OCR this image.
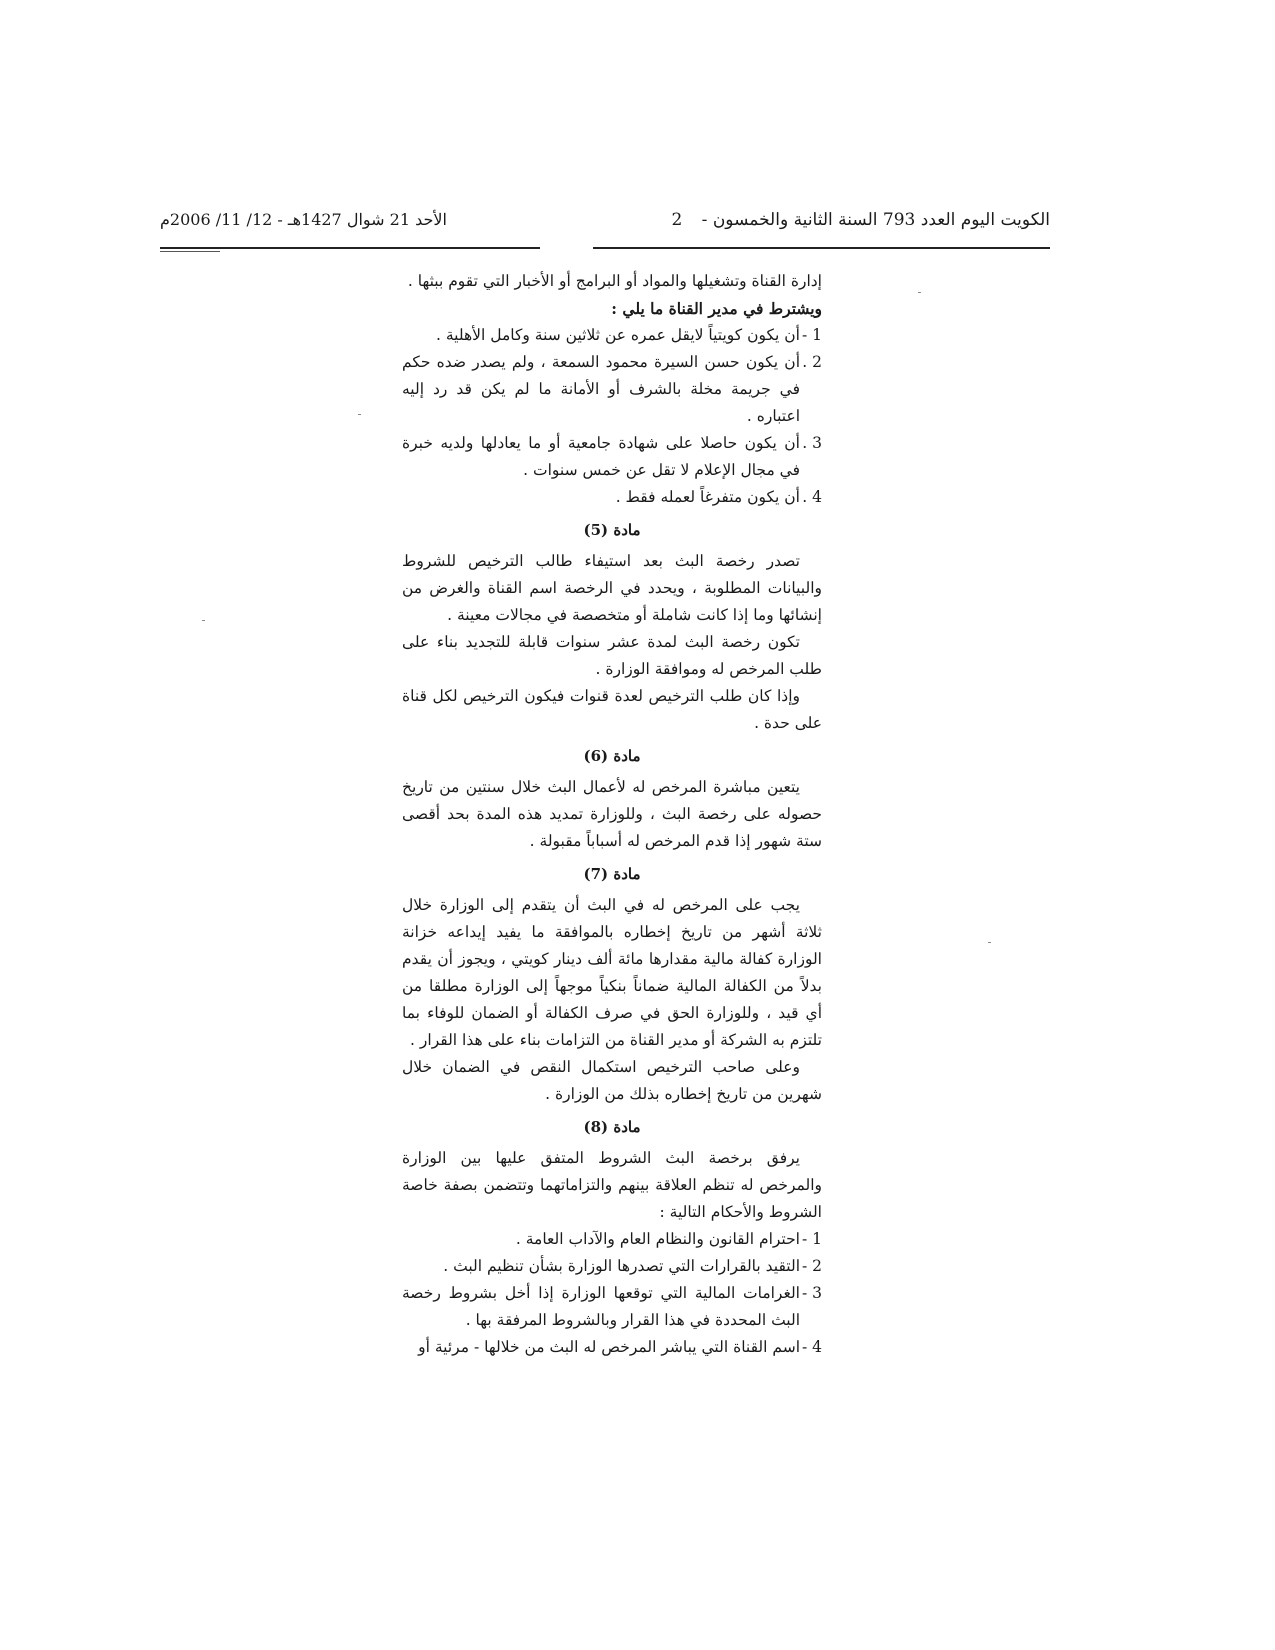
الكويت اليوم العدد 793 السنة الثانية والخمسون - 2
الأحد 21 شوال 1427هـ - 12/ 11/ 2006م

إدارة القناة وتشغيلها والمواد أو البرامج أو الأخبار التي تقوم ببثها .

ويشترط في مدير القناة ما يلي :

1 -أن يكون كويتياً لايقل عمره عن ثلاثين سنة وكامل الأهلية .

2 .أن يكون حسن السيرة محمود السمعة ، ولم يصدر ضده حكم في جريمة مخلة بالشرف أو الأمانة ما لم يكن قد رد إليه اعتباره .

3 .أن يكون حاصلا على شهادة جامعية أو ما يعادلها ولديه خبرة في مجال الإعلام لا تقل عن خمس سنوات .

4 .أن يكون متفرغاً لعمله فقط .

مادة (5)

تصدر رخصة البث بعد استيفاء طالب الترخيص للشروط والبيانات المطلوبة ، ويحدد في الرخصة اسم القناة والغرض من إنشائها وما إذا كانت شاملة أو متخصصة في مجالات معينة .

تكون رخصة البث لمدة عشر سنوات قابلة للتجديد بناء على طلب المرخص له وموافقة الوزارة .

وإذا كان طلب الترخيص لعدة قنوات فيكون الترخيص لكل قناة على حدة .

مادة (6)

يتعين مباشرة المرخص له لأعمال البث خلال سنتين من تاريخ حصوله على رخصة البث ، وللوزارة تمديد هذه المدة بحد أقصى ستة شهور إذا قدم المرخص له أسباباً مقبولة .

مادة (7)

يجب على المرخص له في البث أن يتقدم إلى الوزارة خلال ثلاثة أشهر من تاريخ إخطاره بالموافقة ما يفيد إيداعه خزانة الوزارة كفالة مالية مقدارها مائة ألف دينار كويتي ، ويجوز أن يقدم بدلاً من الكفالة المالية ضماناً بنكياً موجهاً إلى الوزارة مطلقا من أي قيد ، وللوزارة الحق في صرف الكفالة أو الضمان للوفاء بما تلتزم به الشركة أو مدير القناة من التزامات بناء على هذا القرار .

وعلى صاحب الترخيص استكمال النقص في الضمان خلال شهرين من تاريخ إخطاره بذلك من الوزارة .

مادة (8)

يرفق برخصة البث الشروط المتفق عليها بين الوزارة والمرخص له تنظم العلاقة بينهم والتزاماتهما وتتضمن بصفة خاصة الشروط والأحكام التالية :

1 -احترام القانون والنظام العام والآداب العامة .

2 -التقيد بالقرارات التي تصدرها الوزارة بشأن تنظيم البث .

3 -الغرامات المالية التي توقعها الوزارة إذا أخل بشروط رخصة البث المحددة في هذا القرار وبالشروط المرفقة بها .

4 -اسم القناة التي يباشر المرخص له البث من خلالها - مرئية أو
